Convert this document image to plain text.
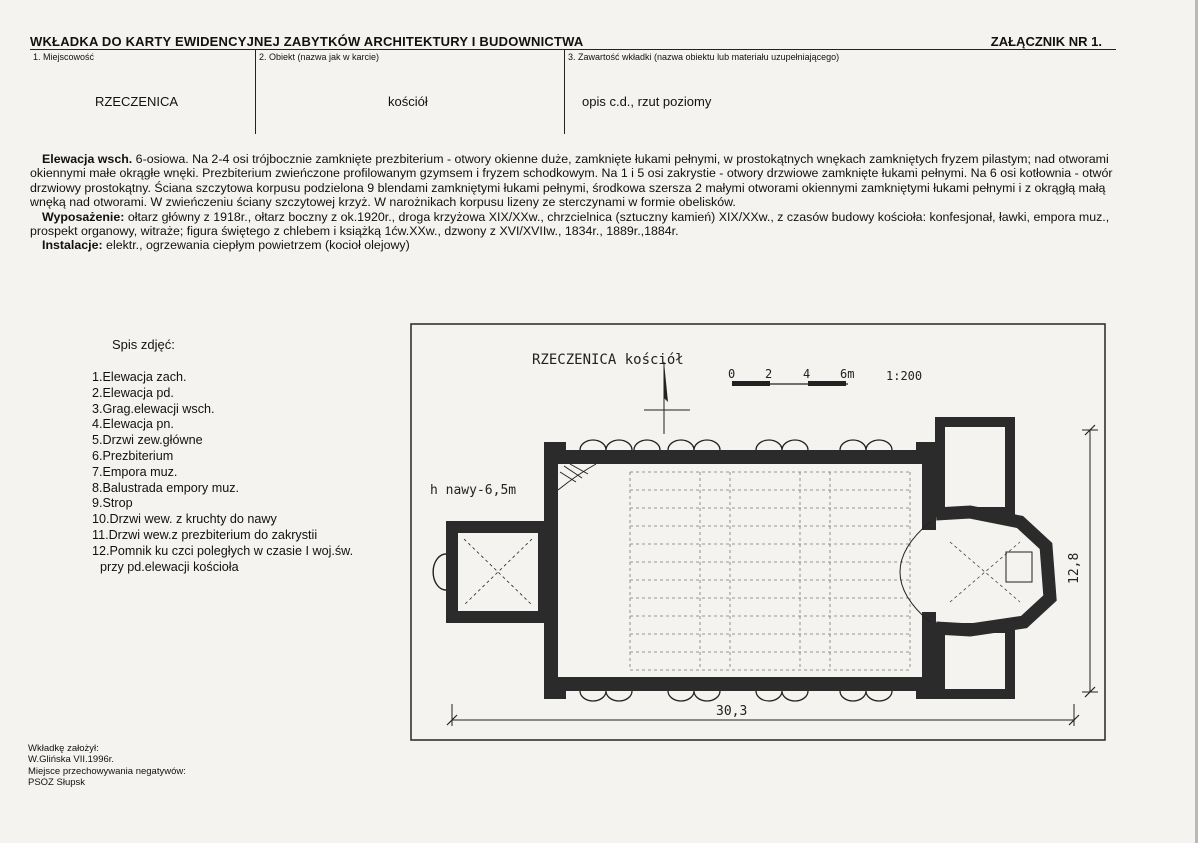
WKŁADKA DO KARTY EWIDENCYJNEJ ZABYTKÓW ARCHITEKTURY I BUDOWNICTWA	ZAŁĄCZNIK NR 1.
1. Miejscowość
RZECZENICA
2. Obiekt (nazwa jak w karcie)
kościół
3. Zawartość wkładki (nazwa obiektu lub materiału uzupełniającego)
opis c.d., rzut poziomy

Elewacja wsch. 6-osiowa. Na 2-4 osi trójbocznie zamknięte prezbiterium - otwory okienne duże, zamknięte łukami pełnymi, w prostokątnych wnękach zamkniętych fryzem pilastym; nad otworami okiennymi małe okrągłe wnęki. Prezbiterium zwieńczone profilowanym gzymsem i fryzem schodkowym. Na 1 i 5 osi zakrystie - otwory drzwiowe zamknięte łukami pełnymi. Na 6 osi kotłownia - otwór drzwiowy prostokątny. Ściana szczytowa korpusu podzielona 9 blendami zamkniętymi łukami pełnymi, środkowa szersza 2 małymi otworami okiennymi zamkniętymi łukami pełnymi i z okrągłą małą wnęką nad otworami. W zwieńczeniu ściany szczytowej krzyż. W narożnikach korpusu lizeny ze sterczynami w formie obelisków.

Wyposażenie: ołtarz główny z 1918r., ołtarz boczny z ok.1920r., droga krzyżowa XIX/XXw., chrzcielnica (sztuczny kamień) XIX/XXw., z czasów budowy kościoła: konfesjonał, ławki, empora muz., prospekt organowy, witraże; figura świętego z chlebem i książką 1ćw.XXw., dzwony z XVI/XVIIw., 1834r., 1889r.,1884r.

Instalacje: elektr., ogrzewania ciepłym powietrzem (kocioł olejowy)

Spis zdjęć:
1.Elewacja zach.
2.Elewacja pd.
3.Grag.elewacji wsch.
4.Elewacja pn.
5.Drzwi zew.główne
6.Prezbiterium
7.Empora muz.
8.Balustrada empory muz.
9.Strop
10.Drzwi wew. z kruchty do nawy
11.Drzwi wew.z prezbiterium do zakrystii
12.Pomnik ku czci poległych w czasie I woj.św.
przy pd.elewacji kościoła
RZECZENICA kościół
0 2	4 6m	1:200
h nawy-6,5m
30,3
12,8
Wkładkę założył:
W.Glińska VII.1996r.
Miejsce przechowywania negatywów:
PSOZ Słupsk
